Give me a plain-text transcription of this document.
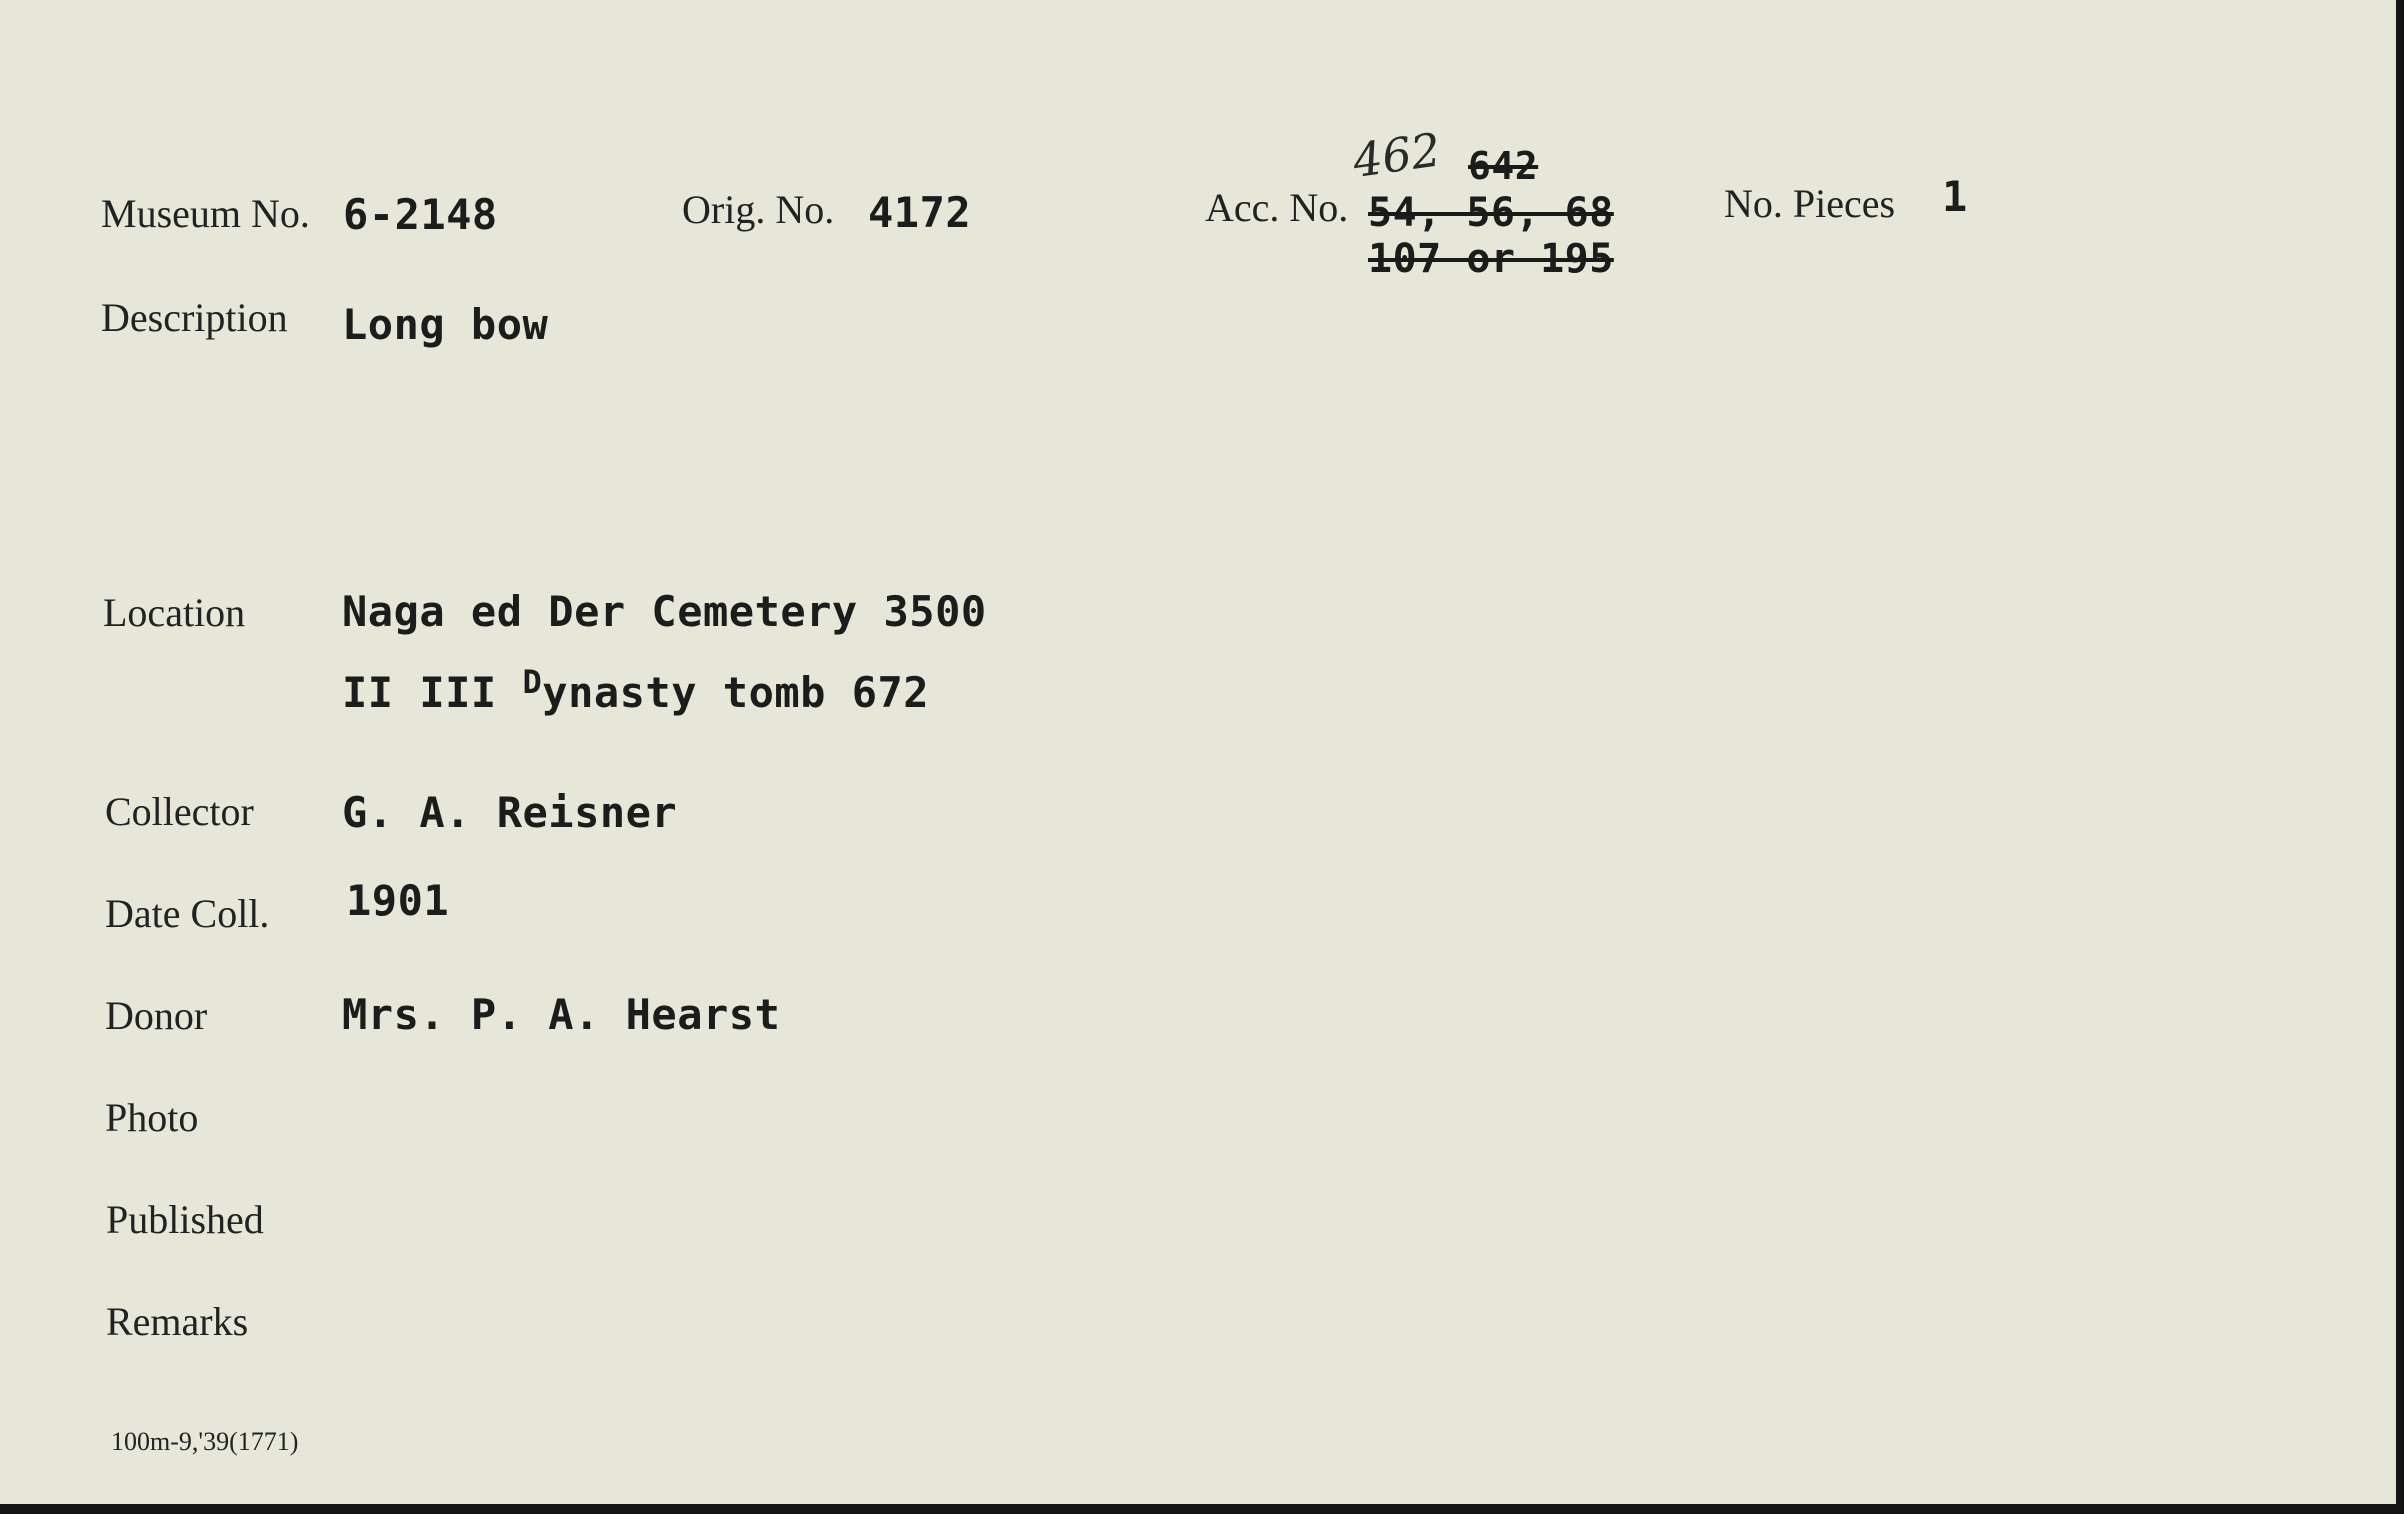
Museum No. 6-2148	Orig. No. 4172	Acc. No.
462 642
54, 56, 68
107 or 195
No. Pieces 1
Description Long bow
Location Naga ed Der Cemetery 3500
II III $^D$ynasty tomb 672
Collector G. A. Reisner
Date Coll. 1901
Donor	Mrs. P. A. Hearst
Photo
Published
Remarks
100m-9,'39(1771)
